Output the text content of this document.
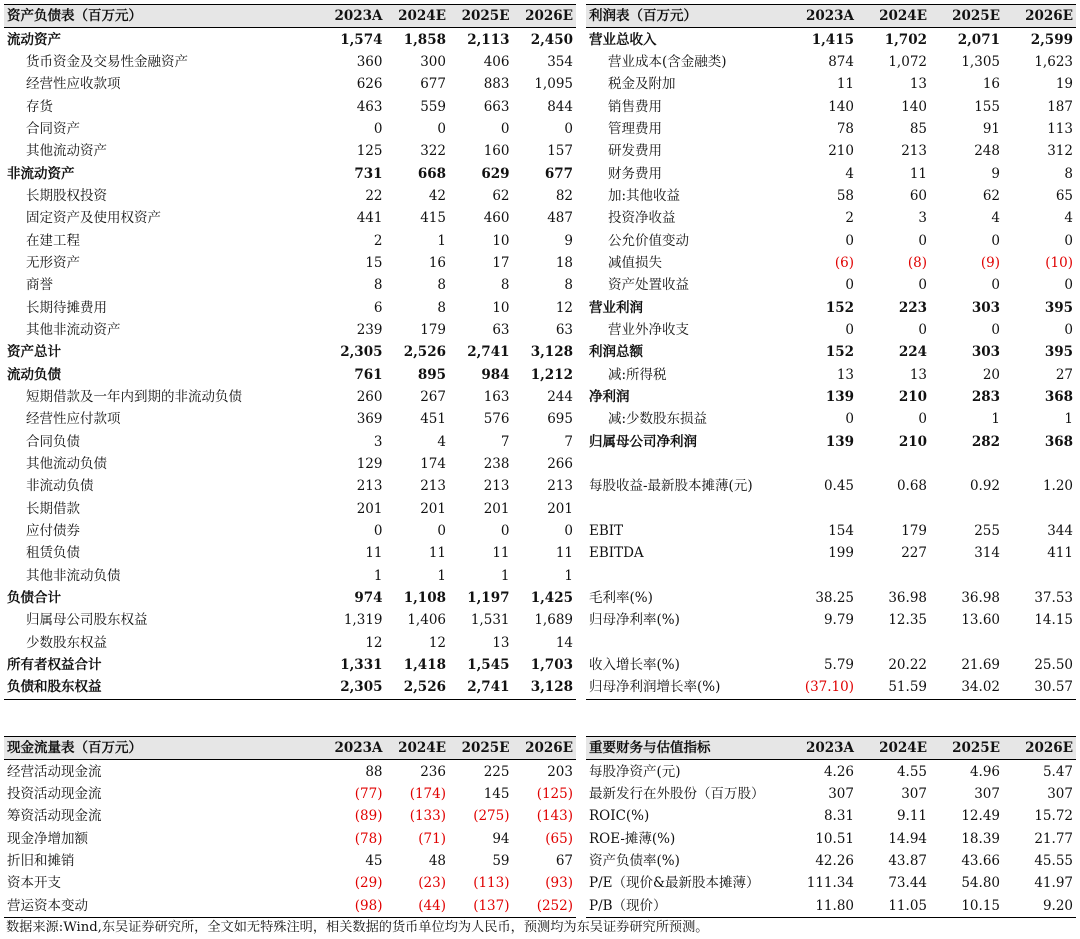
资产负债表（百万元）	2023A	2024E	2025E	2026E
流动资产	1,574	1,858	2,113	2,450
货币资金及交易性金融资产	360	300	406	354
经营性应收款项	626	677	883	1,095
存货	463	559	663	844
合同资产	0	0	0	0
其他流动资产	125	322	160	157
非流动资产	731	668	629	677
长期股权投资	22	42	62	82
固定资产及使用权资产	441	415	460	487
在建工程	2	1	10	9
无形资产	15	16	17	18
商誉	8	8	8	8
长期待摊费用	6	8	10	12
其他非流动资产	239	179	63	63
资产总计	2,305	2,526	2,741	3,128
流动负债	761	895	984	1,212
短期借款及一年内到期的非流动负债	260	267	163	244
经营性应付款项	369	451	576	695
合同负债	3	4	7	7
其他流动负债	129	174	238	266
非流动负债	213	213	213	213
长期借款	201	201	201	201
应付债券	0	0	0	0
租赁负债	11	11	11	11
其他非流动负债	1	1	1	1
负债合计	974	1,108	1,197	1,425
归属母公司股东权益	1,319	1,406	1,531	1,689
少数股东权益	12	12	13	14
所有者权益合计	1,331	1,418	1,545	1,703
负债和股东权益	2,305	2,526	2,741	3,128
利润表（百万元）	2023A	2024E	2025E	2026E
营业总收入	1,415	1,702	2,071	2,599
营业成本(含金融类)	874	1,072	1,305	1,623
税金及附加	11	13	16	19
销售费用	140	140	155	187
管理费用	78	85	91	113
研发费用	210	213	248	312
财务费用	4	11	9	8
加:其他收益	58	60	62	65
投资净收益	2	3	4	4
公允价值变动	0	0	0	0
减值损失	(6)	(8)	(9)	(10)
资产处置收益	0	0	0	0
营业利润	152	223	303	395
营业外净收支	0	0	0	0
利润总额	152	224	303	395
减:所得税	13	13	20	27
净利润	139	210	283	368
减:少数股东损益	0	0	1	1
归属母公司净利润	139	210	282	368

每股收益-最新股本摊薄(元)	0.45	0.68	0.92	1.20

EBIT	154	179	255	344
EBITDA	199	227	314	411

毛利率(%)	38.25	36.98	36.98	37.53
归母净利率(%)	9.79	12.35	13.60	14.15

收入增长率(%)	5.79	20.22	21.69	25.50
归母净利润增长率(%)	(37.10)	51.59	34.02	30.57
现金流量表（百万元）	2023A	2024E	2025E	2026E
经营活动现金流	88	236	225	203
投资活动现金流	(77)	(174)	145	(125)
筹资活动现金流	(89)	(133)	(275)	(143)
现金净增加额	(78)	(71)	94	(65)
折旧和摊销	45	48	59	67
资本开支	(29)	(23)	(113)	(93)
营运资本变动	(98)	(44)	(137)	(252)
重要财务与估值指标	2023A	2024E	2025E	2026E
每股净资产(元)	4.26	4.55	4.96	5.47
最新发行在外股份（百万股）	307	307	307	307
ROIC(%)	8.31	9.11	12.49	15.72
ROE-摊薄(%)	10.51	14.94	18.39	21.77
资产负债率(%)	42.26	43.87	43.66	45.55
P/E（现价&最新股本摊薄）	111.34	73.44	54.80	41.97
P/B（现价）	11.80	11.05	10.15	9.20
数据来源:Wind,东吴证券研究所，全文如无特殊注明，相关数据的货币单位均为人民币，预测均为东吴证券研究所预测。
